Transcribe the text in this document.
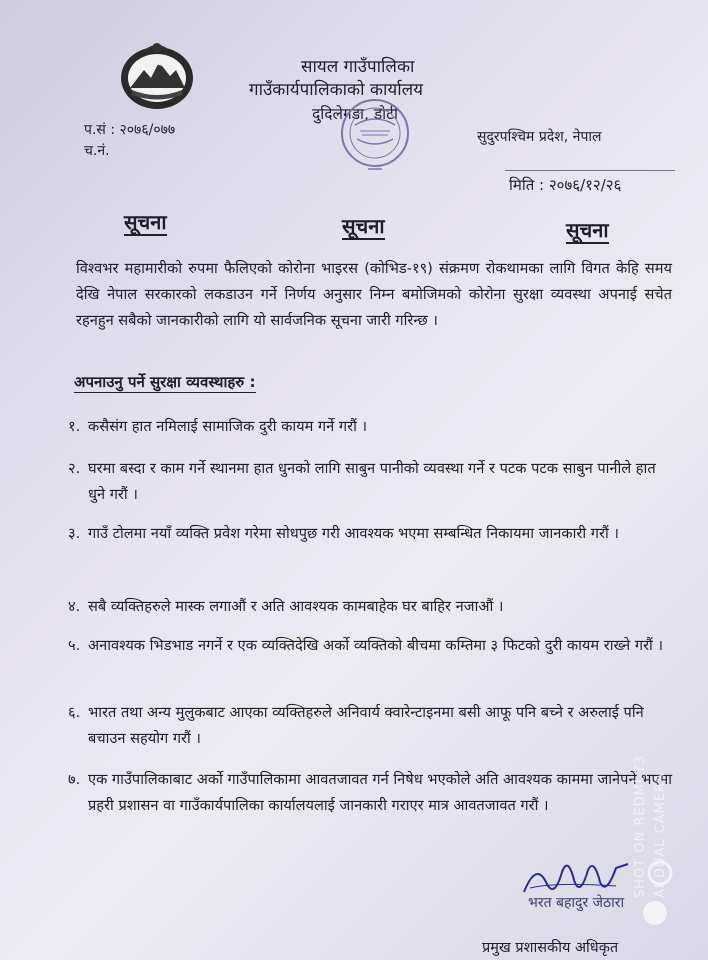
सायल गाउँपालिका
गाउँकार्यपालिकाको कार्यालय
दुदिलेगडा, डोटी
प.सं : २०७६/०७७
च.नं.
सुदुरपश्चिम प्रदेश, नेपाल
मिति : २०७६/१२/२६
सूचना	सूचना	सूचना
विश्वभर महामारीको रुपमा फैलिएको कोरोना भाइरस (कोभिड-१९) संक्रमण रोकथामका लागि विगत केहि समय देखि नेपाल सरकारको लकडाउन गर्ने निर्णय अनुसार निम्न बमोजिमको कोरोना सुरक्षा व्यवस्था अपनाई सचेत रहनहुन सबैको जानकारीको लागि यो सार्वजनिक सूचना जारी गरिन्छ ।
अपनाउनु पर्ने सुरक्षा व्यवस्थाहरु :
१. कसैसंग हात नमिलाई सामाजिक दुरी कायम गर्ने गरौं ।
२. घरमा बस्दा र काम गर्ने स्थानमा हात धुनको लागि साबुन पानीको व्यवस्था गर्ने र पटक पटक साबुन पानीले हात धुने गरौं ।
३. गाउँ टोलमा नयाँ व्यक्ति प्रवेश गरेमा सोधपुछ गरी आवश्यक भएमा सम्बन्धित निकायमा जानकारी गरौं ।
४. सबै व्यक्तिहरुले मास्क लगाऔं र अति आवश्यक कामबाहेक घर बाहिर नजाऔं ।
५. अनावश्यक भिडभाड नगर्ने र एक व्यक्तिदेखि अर्को व्यक्तिको बीचमा कम्तिमा ३ फिटको दुरी कायम राख्ने गरौं ।
६. भारत तथा अन्य मुलुकबाट आएका व्यक्तिहरुले अनिवार्य क्वारेन्टाइनमा बसी आफू पनि बच्ने र अरुलाई पनि बचाउन सहयोग गरौं ।
७. एक गाउँपालिकाबाट अर्को गाउँपालिकामा आवतजावत गर्न निषेध भएकोले अति आवश्यक काममा जानेपर्ने भएमा प्रहरी प्रशासन वा गाउँकार्यपालिका कार्यालयलाई जानकारी गराएर मात्र आवतजावत गरौं ।
भरत बहादुर जेठारा
प्रमुख प्रशासकीय अधिकृत
SHOT ON REDMI Y3 AI DUAL CAMERA
